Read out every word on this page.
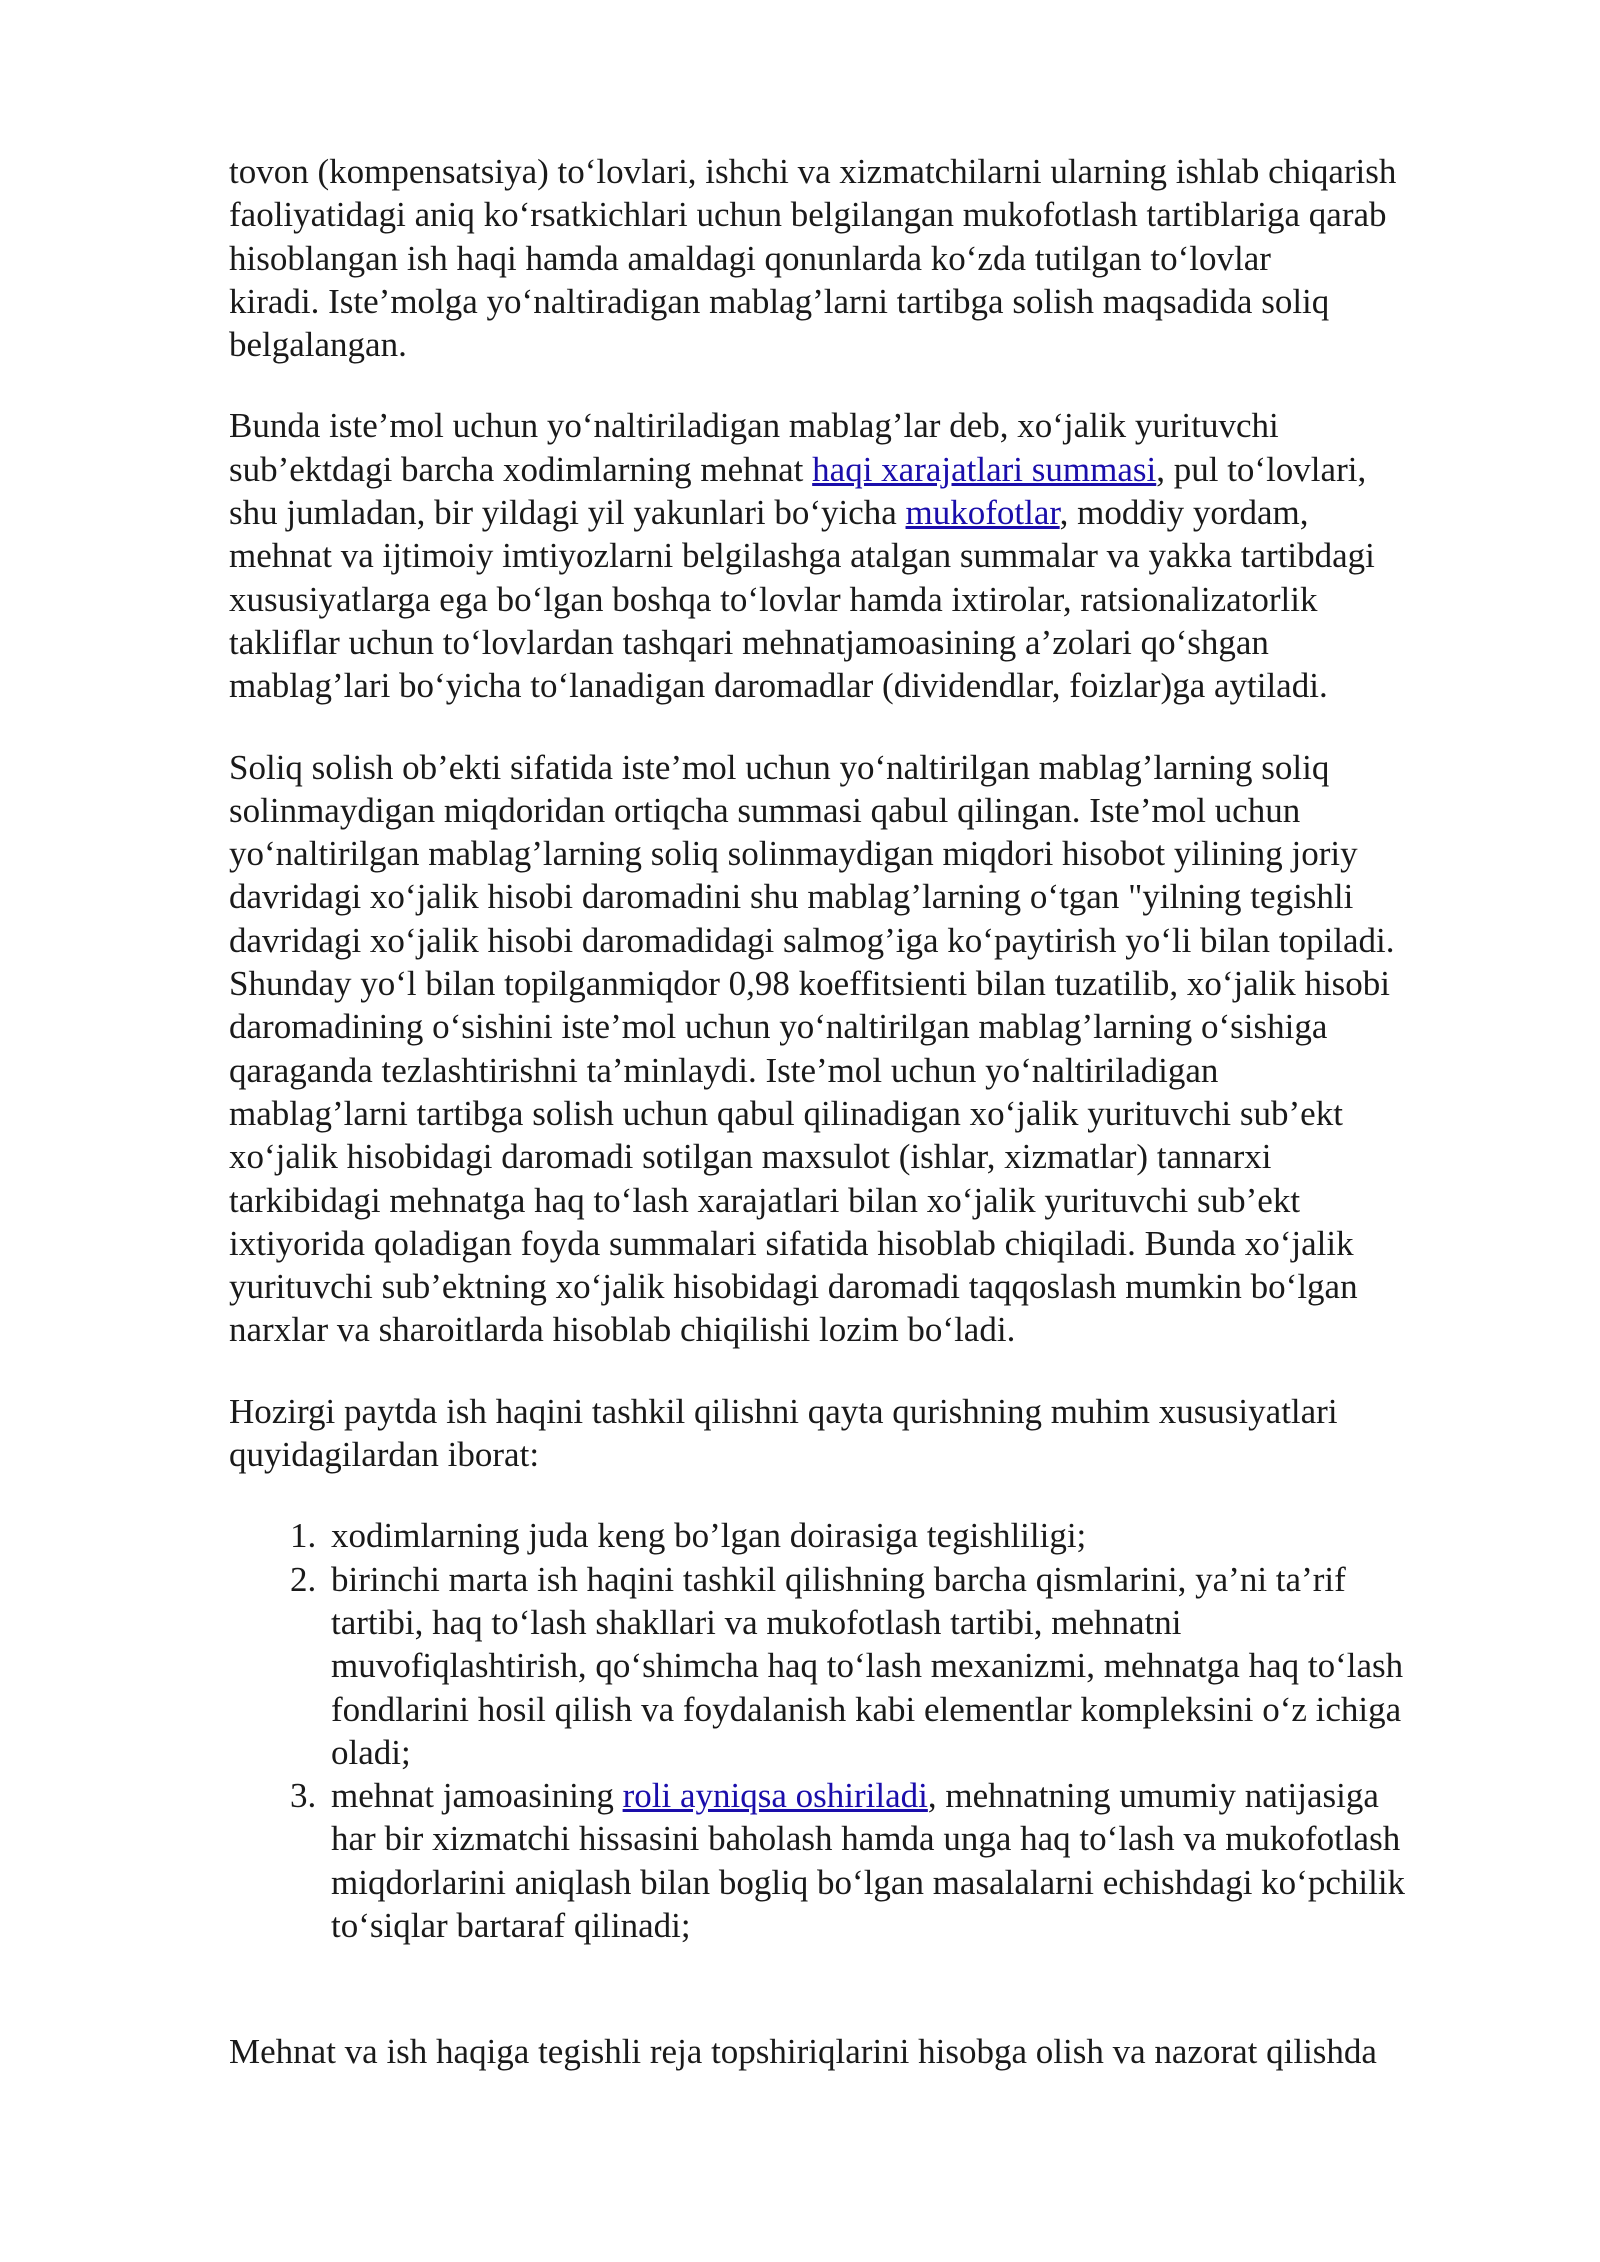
tovon (kompensatsiya) to‘lovlari, ishchi va xizmatchilarni ularning ishlab chiqarish
faoliyatidagi aniq ko‘rsatkichlari uchun belgilangan mukofotlash tartiblariga qarab
hisoblangan ish haqi hamda amaldagi qonunlarda ko‘zda tutilgan to‘lovlar
kiradi. Iste’molga yo‘naltiradigan mablag’larni tartibga solish maqsadida soliq
belgalangan.

Bunda iste’mol uchun yo‘naltiriladigan mablag’lar deb, xo‘jalik yurituvchi
sub’ektdagi barcha xodimlarning mehnat haqi xarajatlari summasi, pul to‘lovlari,
shu jumladan, bir yildagi yil yakunlari bo‘yicha mukofotlar, moddiy yordam,
mehnat va ijtimoiy imtiyozlarni belgilashga atalgan summalar va yakka tartibdagi
xususiyatlarga ega bo‘lgan boshqa to‘lovlar hamda ixtirolar, ratsionalizatorlik
takliflar uchun to‘lovlardan tashqari mehnatjamoasining a’zolari qo‘shgan
mablag’lari bo‘yicha to‘lanadigan daromadlar (dividendlar, foizlar)ga aytiladi.

Soliq solish ob’ekti sifatida iste’mol uchun yo‘naltirilgan mablag’larning soliq
solinmaydigan miqdoridan ortiqcha summasi qabul qilingan. Iste’mol uchun
yo‘naltirilgan mablag’larning soliq solinmaydigan miqdori hisobot yilining joriy
davridagi xo‘jalik hisobi daromadini shu mablag’larning o‘tgan "yilning tegishli
davridagi xo‘jalik hisobi daromadidagi salmog’iga ko‘paytirish yo‘li bilan topiladi.
Shunday yo‘l bilan topilganmiqdor 0,98 koeffitsienti bilan tuzatilib, xo‘jalik hisobi
daromadining o‘sishini iste’mol uchun yo‘naltirilgan mablag’larning o‘sishiga
qaraganda tezlashtirishni ta’minlaydi. Iste’mol uchun yo‘naltiriladigan
mablag’larni tartibga solish uchun qabul qilinadigan xo‘jalik yurituvchi sub’ekt
xo‘jalik hisobidagi daromadi sotilgan maxsulot (ishlar, xizmatlar) tannarxi
tarkibidagi mehnatga haq to‘lash xarajatlari bilan xo‘jalik yurituvchi sub’ekt
ixtiyorida qoladigan foyda summalari sifatida hisoblab chiqiladi. Bunda xo‘jalik
yurituvchi sub’ektning xo‘jalik hisobidagi daromadi taqqoslash mumkin bo‘lgan
narxlar va sharoitlarda hisoblab chiqilishi lozim bo‘ladi.

Hozirgi paytda ish haqini tashkil qilishni qayta qurishning muhim xususiyatlari
quyidagilardan iborat:

1. xodimlarning juda keng bo’lgan doirasiga tegishliligi;
2. birinchi marta ish haqini tashkil qilishning barcha qismlarini, ya’ni ta’rif
tartibi, haq to‘lash shakllari va mukofotlash tartibi, mehnatni
muvofiqlashtirish, qo‘shimcha haq to‘lash mexanizmi, mehnatga haq to‘lash
fondlarini hosil qilish va foydalanish kabi elementlar kompleksini o‘z ichiga
oladi;
3. mehnat jamoasining roli ayniqsa oshiriladi, mehnatning umumiy natijasiga
har bir xizmatchi hissasini baholash hamda unga haq to‘lash va mukofotlash
miqdorlarini aniqlash bilan bogliq bo‘lgan masalalarni echishdagi ko‘pchilik
to‘siqlar bartaraf qilinadi;

Mehnat va ish haqiga tegishli reja topshiriqlarini hisobga olish va nazorat qilishda
